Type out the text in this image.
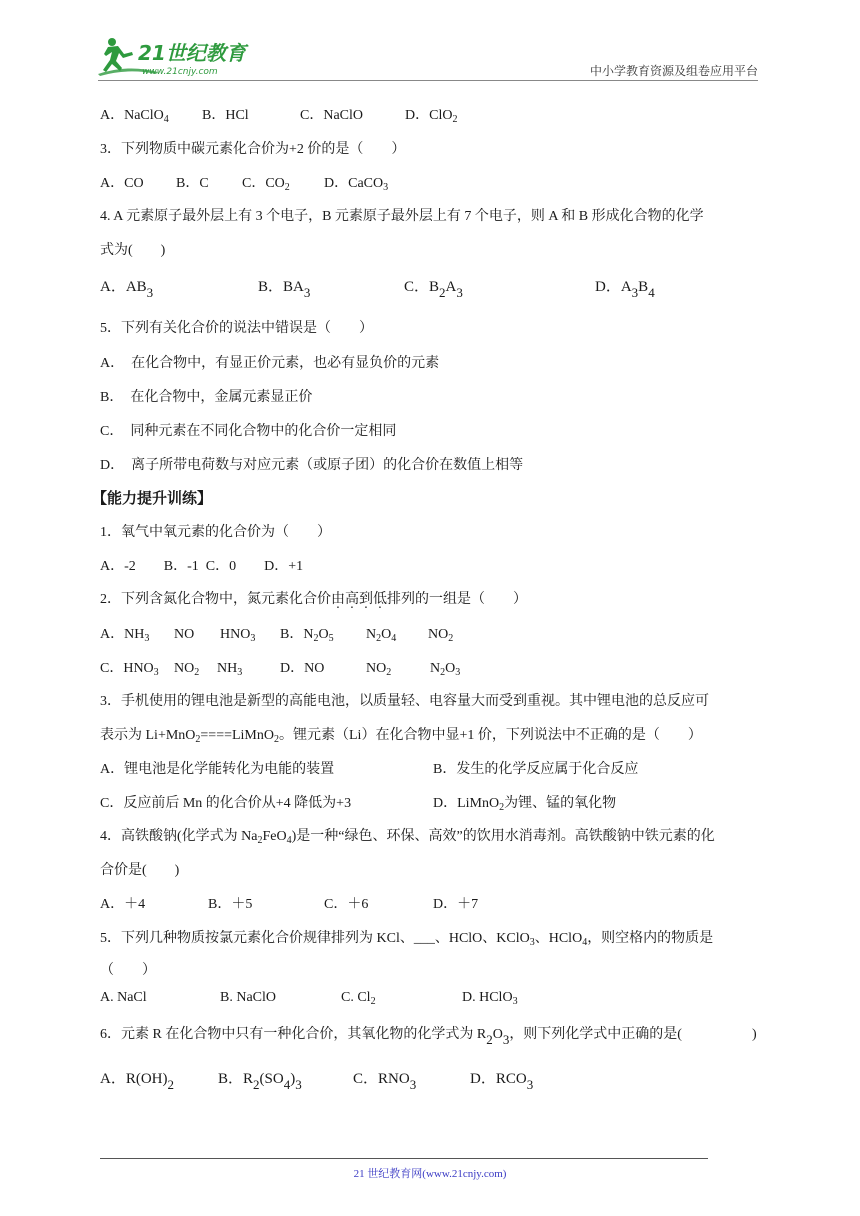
21世纪教育
www.21cnjy.com	中小学教育资源及组卷应用平台
A．NaClO$_4$ B．HCl	C．NaClO	D．ClO$_2$
3．下列物质中碳元素化合价为+2 价的是（　　）
A．CO B．C C．$CO_2$ D．CaCO$_3$
4. A 元素原子最外层上有 3 个电子，B 元素原子最外层上有 7 个电子，则 A 和 B 形成化合物的化学
式为(　　)
A．$AB_3$	B．$BA_3$	C．$B_2A_3$	D．$A_3B_4$
5．下列有关化合价的说法中错误是（　　）
A．　在化合物中，有显正价元素，也必有显负价的元素
B．　在化合物中，金属元素显正价
C．　同种元素在不同化合物中的化合价一定相同
D．　离子所带电荷数与对应元素（或原子团）的化合价在数值上相等
【能力提升训练】
1．氧气中氧元素的化合价为（　　）
A．-2　　B．-1  C．0　　D．+1
2．下列含氮化合物中，氮元素化合价由高到低排列的一组是（　　）
A．$NH_3$ NO $HNO_3$ B．$N_2O_5$ $N_2O_4$ $NO_2$
C．$HNO_3$ $NO_2$ $NH_3$	D．NO	$NO_2$	$N_2O_3$
3．手机使用的锂电池是新型的高能电池，以质量轻、电容量大而受到重视。其中锂电池的总反应可
表示为 Li+MnO$_2$====LiMnO$_2$。锂元素（Li）在化合物中显+1 价，下列说法中不正确的是（　　）
A．锂电池是化学能转化为电能的装置	B．发生的化学反应属于化合反应
C．反应前后 Mn 的化合价从+4 降低为+3	D．LiMnO$_2$为锂、锰的氧化物
4．高铁酸钠(化学式为 $Na_2FeO_4$)是一种“绿色、环保、高效”的饮用水消毒剂。高铁酸钠中铁元素的化
合价是(　　)
A．＋4	B．＋5	C．＋6	D．＋7
5．下列几种物质按氯元素化合价规律排列为 KCl、___、HClO、KClO$_3$、HClO$_4$，则空格内的物质是
（　　）
A. NaCl	B. NaClO	C. $Cl_2$	D. HClO$_3$
6．元素 R 在化合物中只有一种化合价，其氧化物的化学式为 $R_2O_3$，则下列化学式中正确的是(	)
A．$R(OH)_2$	B．$R_2(SO_4)_3$	C．$RNO_3$	D．$RCO_3$
21 世纪教育网(www.21cnjy.com)
